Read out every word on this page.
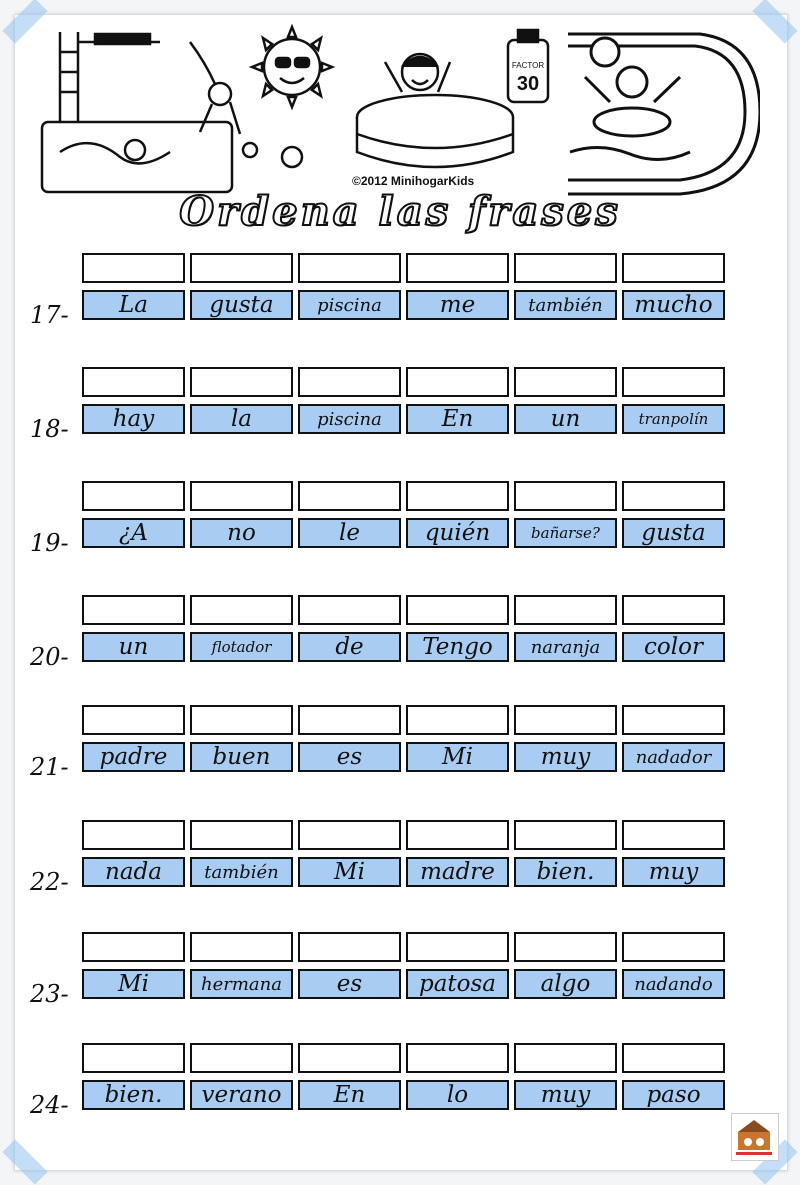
FACTOR
30
©2012 MinihogarKids
Ordena las frases
17-	La	gusta	piscina	me	también	mucho
18-	hay	la	piscina	En	un	tranpolín
19-	¿A	no	le	quién	bañarse?	gusta
20-	un	flotador	de	Tengo	naranja	color
21-	padre	buen	es	Mi	muy	nadador
22-	nada	también	Mi	madre	bien.	muy
23-	Mi	hermana	es	patosa	algo	nadando
24-	bien.	verano	En	lo	muy	paso
